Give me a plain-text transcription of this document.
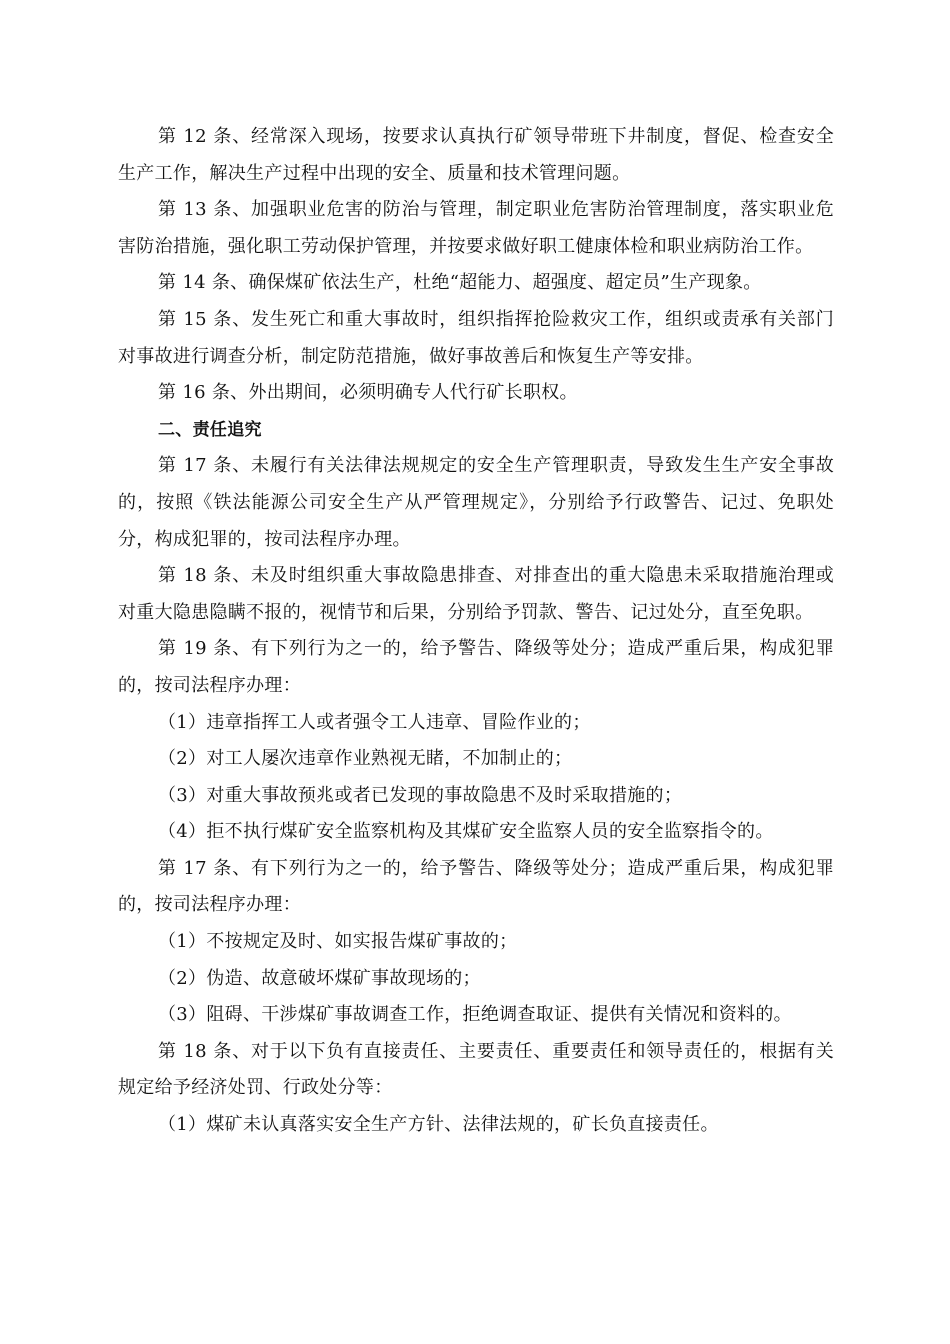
第 12 条、经常深入现场，按要求认真执行矿领导带班下井制度，督促、检查安全生产工作，解决生产过程中出现的安全、质量和技术管理问题。

第 13 条、加强职业危害的防治与管理，制定职业危害防治管理制度，落实职业危害防治措施，强化职工劳动保护管理，并按要求做好职工健康体检和职业病防治工作。

第 14 条、确保煤矿依法生产，杜绝“超能力、超强度、超定员”生产现象。

第 15 条、发生死亡和重大事故时，组织指挥抢险救灾工作，组织或责承有关部门对事故进行调查分析，制定防范措施，做好事故善后和恢复生产等安排。

第 16 条、外出期间，必须明确专人代行矿长职权。

二、责任追究

第 17 条、未履行有关法律法规规定的安全生产管理职责，导致发生生产安全事故的，按照《铁法能源公司安全生产从严管理规定》，分别给予行政警告、记过、免职处分，构成犯罪的，按司法程序办理。

第 18 条、未及时组织重大事故隐患排查、对排查出的重大隐患未采取措施治理或对重大隐患隐瞒不报的，视情节和后果，分别给予罚款、警告、记过处分，直至免职。

第 19 条、有下列行为之一的，给予警告、降级等处分；造成严重后果，构成犯罪的，按司法程序办理：

（1）违章指挥工人或者强令工人违章、冒险作业的；

（2）对工人屡次违章作业熟视无睹，不加制止的；

（3）对重大事故预兆或者已发现的事故隐患不及时采取措施的；

（4）拒不执行煤矿安全监察机构及其煤矿安全监察人员的安全监察指令的。

第 17 条、有下列行为之一的，给予警告、降级等处分；造成严重后果，构成犯罪的，按司法程序办理：

（1）不按规定及时、如实报告煤矿事故的；

（2）伪造、故意破坏煤矿事故现场的；

（3）阻碍、干涉煤矿事故调查工作，拒绝调查取证、提供有关情况和资料的。

第 18 条、对于以下负有直接责任、主要责任、重要责任和领导责任的，根据有关规定给予经济处罚、行政处分等：

（1）煤矿未认真落实安全生产方针、法律法规的，矿长负直接责任。
